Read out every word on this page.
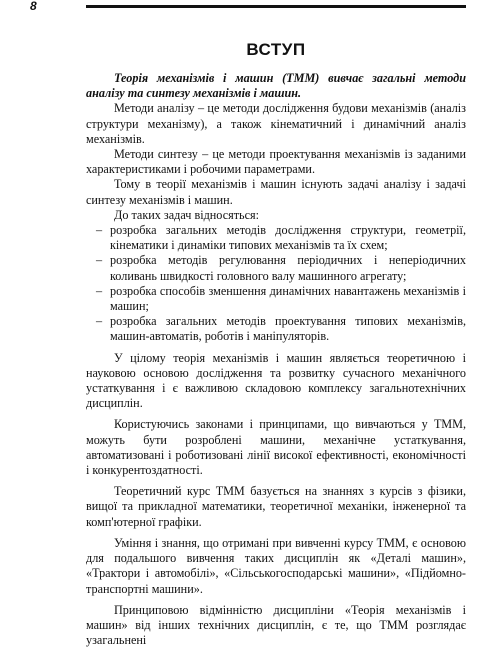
8
ВСТУП

Теорія механізмів і машин (ТММ) вивчає загальні методи аналізу та синтезу механізмів і машин.

Методи аналізу – це методи дослідження будови механізмів (аналіз структури механізму), а також кінематичний і динамічний аналіз механізмів.

Методи синтезу – це методи проектування механізмів із заданими характеристиками і робочими параметрами.

Тому в теорії механізмів і машин існують задачі аналізу і задачі синтезу механізмів і машин.

До таких задач відносяться:

– розробка загальних методів дослідження структури, геометрії, кінематики і динаміки типових механізмів та їх схем;
– розробка методів регулювання періодичних і неперіодичних коливань швидкості головного валу машинного агрегату;
– розробка способів зменшення динамічних навантажень механізмів і машин;
– розробка загальних методів проектування типових механізмів, машин-автоматів, роботів і маніпуляторів.

У цілому теорія механізмів і машин являється теоретичною і науковою основою дослідження та розвитку сучасного механічного устаткування і є важливою складовою комплексу загальнотехнічних дисциплін.

Користуючись законами і принципами, що вивчаються у ТММ, можуть бути розроблені машини, механічне устаткування, автоматизовані і роботизовані лінії високої ефективності, економічності і конкурентоздатності.

Теоретичний курс ТММ базується на знаннях з курсів з фізики, вищої та прикладної математики, теоретичної механіки, інженерної та комп'ютерної графіки.

Уміння і знання, що отримані при вивченні курсу ТММ, є основою для подальшого вивчення таких дисциплін як «Деталі машин», «Трактори і автомобілі», «Сільськогосподарські машини», «Підйомно-транспортні машини».

Принциповою відмінністю дисципліни «Теорія механізмів і машин» від інших технічних дисциплін, є те, що ТММ розглядає узагальнені
